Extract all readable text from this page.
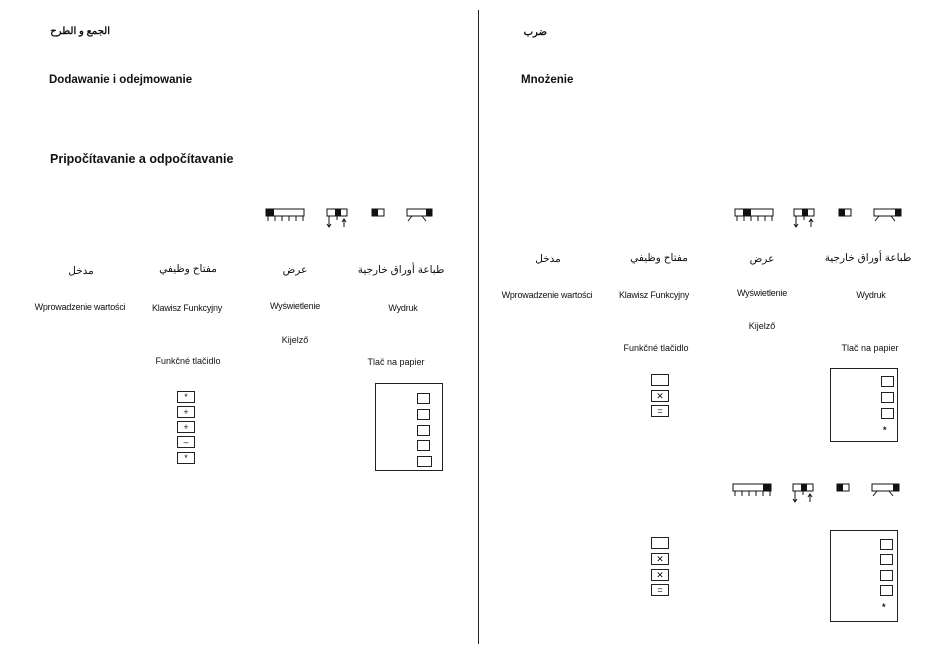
الجمع و الطرح
Dodawanie i odejmowanie
Pripočítavanie a odpočítavanie
مدخل	مفتاح وظيفي	عرض	طباعة أوراق خارجية
Wprowadzenie wartości	Klawisz Funkcyjny	Wyświetlenie	Wydruk
Kijelző
Funkčné tlačidlo	Tlač na papier
*
+
+
–
*
ضرب
Mnożenie
مدخل	مفتاح وظيفي	عرض	طباعة أوراق خارجية
Wprowadzenie wartości	Klawisz Funkcyjny	Wyświetlenie	Wydruk
Kijelző
Funkčné tlačidlo	Tlač na papier
✕
=
*
✕
✕
=
*
